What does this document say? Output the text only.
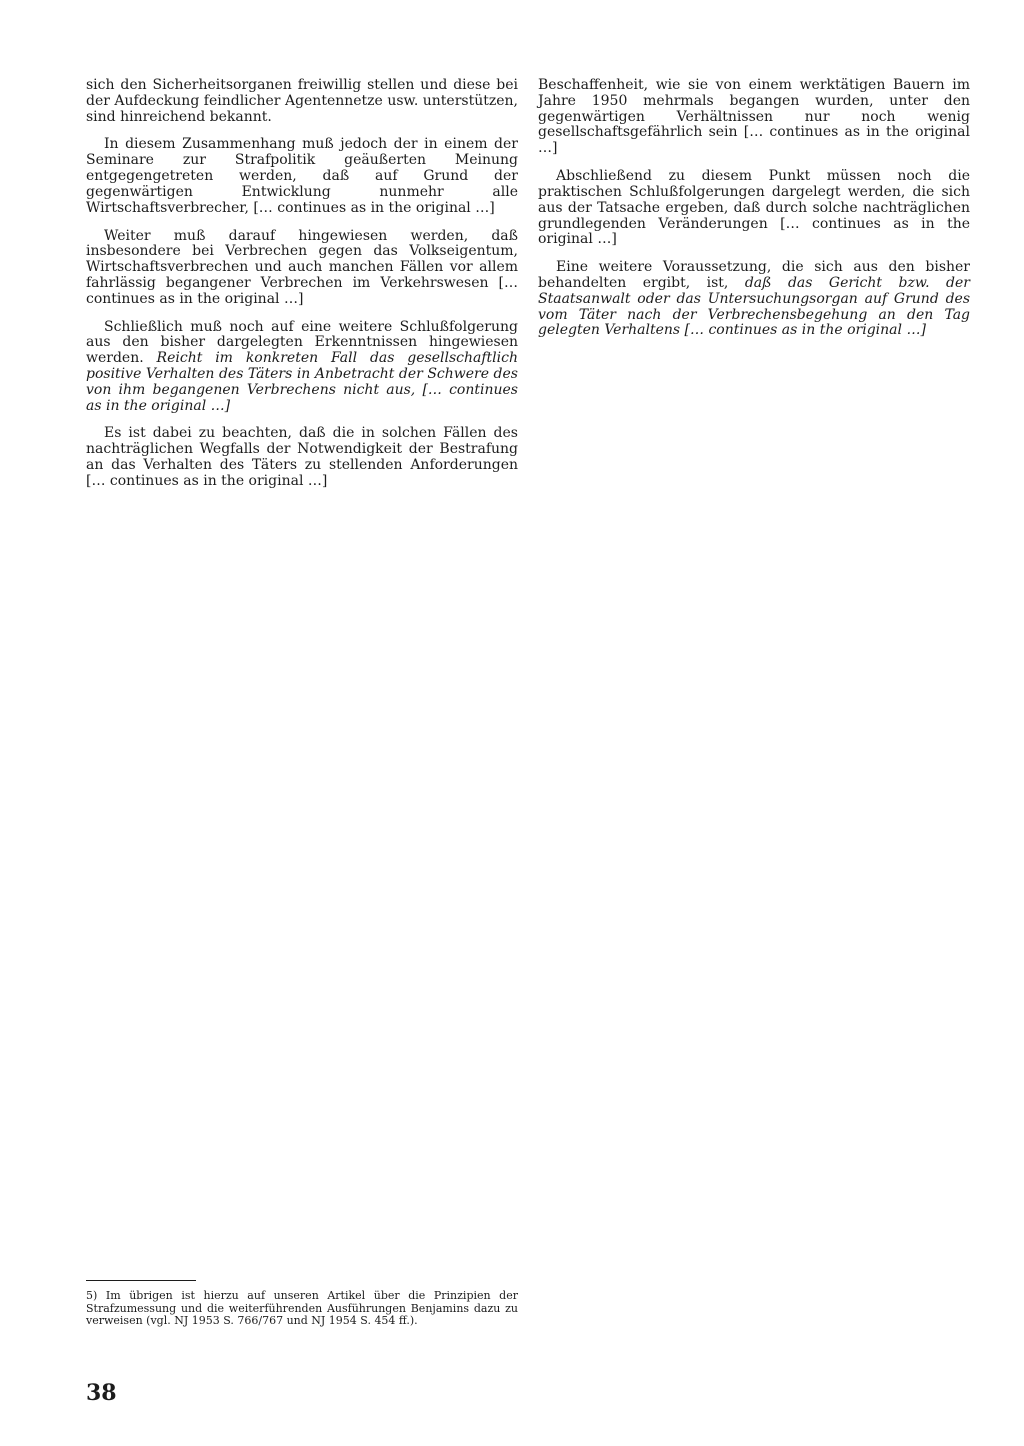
sich den Sicherheitsorganen freiwillig stellen und diese bei der Aufdeckung feindlicher Agentennetze usw. unterstützen, sind hinreichend bekannt.

In diesem Zusammenhang muß jedoch der in einem der Seminare zur Strafpolitik geäußerten Meinung entgegengetreten werden, daß auf Grund der gegenwärtigen Entwicklung nunmehr alle Wirtschaftsverbrecher, [… continues as in the original …]

Weiter muß darauf hingewiesen werden, daß insbesondere bei Verbrechen gegen das Volkseigentum, Wirtschaftsverbrechen und auch manchen Fällen vor allem fahrlässig begangener Verbrechen im Verkehrswesen [… continues as in the original …]

Schließlich muß noch auf eine weitere Schlußfolgerung aus den bisher dargelegten Erkenntnissen hingewiesen werden. Reicht im konkreten Fall das gesellschaftlich positive Verhalten des Täters in Anbetracht der Schwere des von ihm begangenen Verbrechens nicht aus, [… continues as in the original …]

Es ist dabei zu beachten, daß die in solchen Fällen des nachträglichen Wegfalls der Notwendigkeit der Bestrafung an das Verhalten des Täters zu stellenden Anforderungen [… continues as in the original …]

Beschaffenheit, wie sie von einem werktätigen Bauern im Jahre 1950 mehrmals begangen wurden, unter den gegenwärtigen Verhältnissen nur noch wenig gesellschaftsgefährlich sein [… continues as in the original …]

Abschließend zu diesem Punkt müssen noch die praktischen Schlußfolgerungen dargelegt werden, die sich aus der Tatsache ergeben, daß durch solche nachträglichen grundlegenden Veränderungen [… continues as in the original …]

Eine weitere Voraussetzung, die sich aus den bisher behandelten ergibt, ist, daß das Gericht bzw. der Staatsanwalt oder das Untersuchungsorgan auf Grund des vom Täter nach der Verbrechensbegehung an den Tag gelegten Verhaltens [… continues as in the original …]

5) Im übrigen ist hierzu auf unseren Artikel über die Prinzipien der Strafzumessung und die weiterführenden Ausführungen Benjamins dazu zu verweisen (vgl. NJ 1953 S. 766/767 und NJ 1954 S. 454 ff.).
38
